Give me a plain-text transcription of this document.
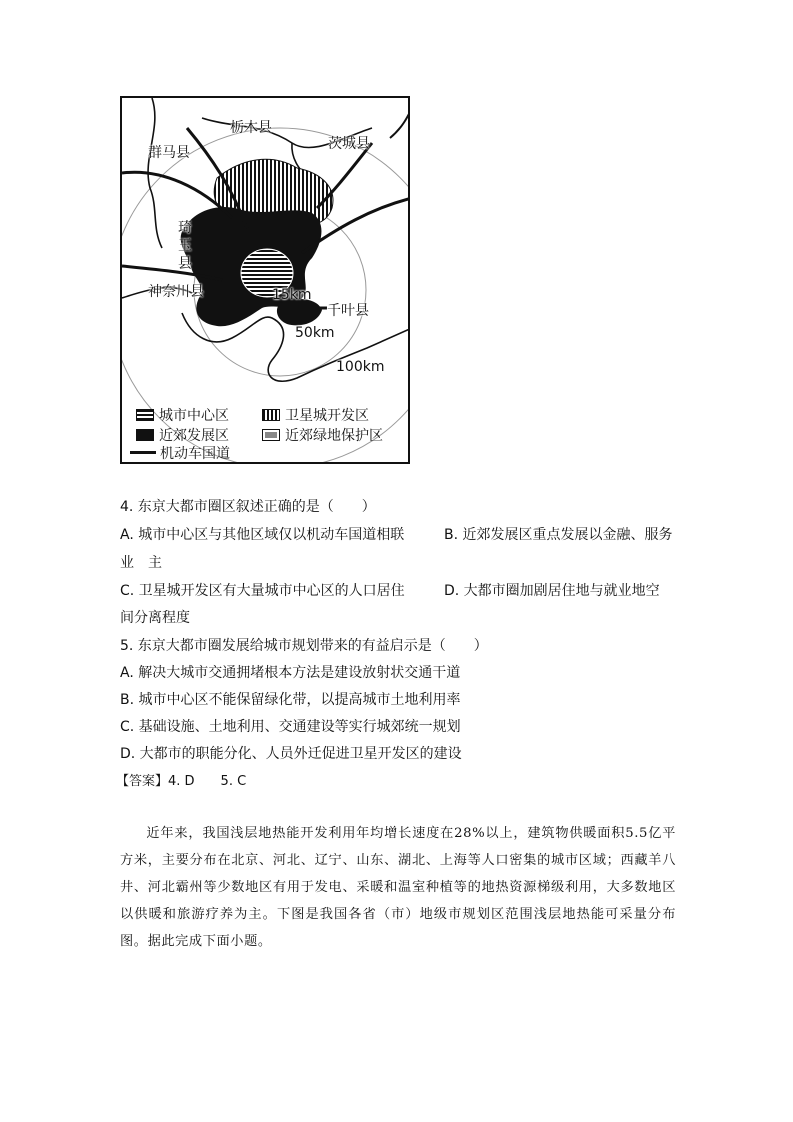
栃木县
群马县
茨城县
琦
玉
县
神奈川县	15km
千叶县
50km
100km
城市中心区	卫星城开发区
近郊发展区	近郊绿地保护区
机动车国道
4. 东京大都市圈区叙述正确的是（　　）
A. 城市中心区与其他区域仅以机动车国道相联	B. 近郊发展区重点发展以金融、服务
业　主
C. 卫星城开发区有大量城市中心区的人口居住	D. 大都市圈加剧居住地与就业地空
间分离程度
5. 东京大都市圈发展给城市规划带来的有益启示是（　　）
A. 解决大城市交通拥堵根本方法是建设放射状交通干道
B. 城市中心区不能保留绿化带，以提高城市土地利用率
C. 基础设施、土地利用、交通建设等实行城郊统一规划
D. 大都市的职能分化、人员外迁促进卫星开发区的建设
【答案】4. D　　5. C

近年来，我国浅层地热能开发利用年均增长速度在28%以上，建筑物供暖面积5.5亿平方米，主要分布在北京、河北、辽宁、山东、湖北、上海等人口密集的城市区域；西藏羊八井、河北霸州等少数地区有用于发电、采暖和温室种植等的地热资源梯级利用，大多数地区以供暖和旅游疗养为主。下图是我国各省（市）地级市规划区范围浅层地热能可采量分布图。据此完成下面小题。
